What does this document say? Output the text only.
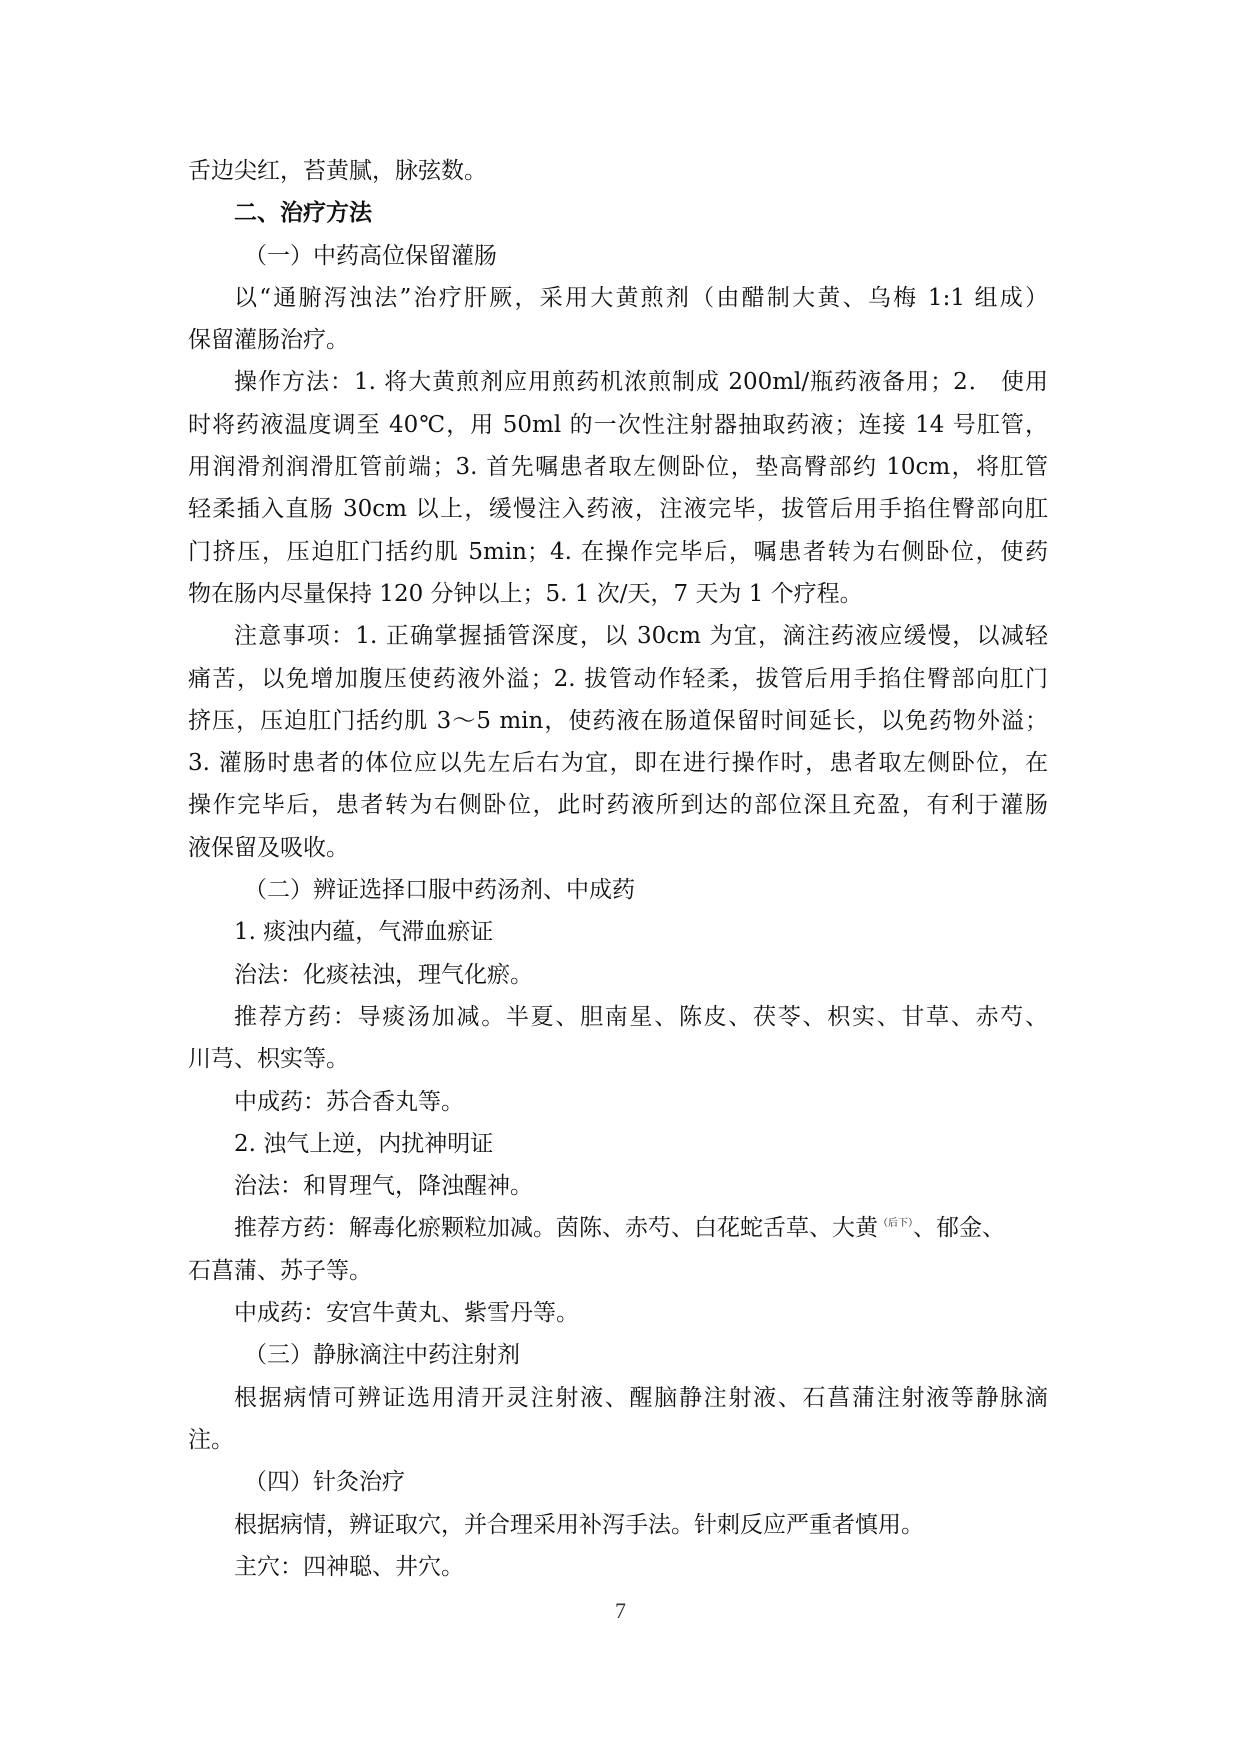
舌边尖红，苔黄腻，脉弦数。
二、治疗方法
（一）中药高位保留灌肠
以“通腑泻浊法”治疗肝厥，采用大黄煎剂（由醋制大黄、乌梅 1:1 组成）
保留灌肠治疗。
操作方法：1. 将大黄煎剂应用煎药机浓煎制成 200ml/瓶药液备用；2． 使用
时将药液温度调至 40℃，用 50ml 的一次性注射器抽取药液；连接 14 号肛管，
用润滑剂润滑肛管前端；3. 首先嘱患者取左侧卧位，垫高臀部约 10cm，将肛管
轻柔插入直肠 30cm 以上，缓慢注入药液，注液完毕，拔管后用手掐住臀部向肛
门挤压，压迫肛门括约肌 5min；4. 在操作完毕后，嘱患者转为右侧卧位，使药
物在肠内尽量保持 120 分钟以上；5. 1 次/天，7 天为 1 个疗程。
注意事项：1. 正确掌握插管深度，以 30cm 为宜，滴注药液应缓慢，以减轻
痛苦，以免增加腹压使药液外溢；2. 拔管动作轻柔，拔管后用手掐住臀部向肛门
挤压，压迫肛门括约肌 3～5 min，使药液在肠道保留时间延长，以免药物外溢；
3. 灌肠时患者的体位应以先左后右为宜，即在进行操作时，患者取左侧卧位，在
操作完毕后，患者转为右侧卧位，此时药液所到达的部位深且充盈，有利于灌肠
液保留及吸收。
（二）辨证选择口服中药汤剂、中成药
1. 痰浊内蕴，气滞血瘀证
治法：化痰祛浊，理气化瘀。
推荐方药：导痰汤加减。半夏、胆南星、陈皮、茯苓、枳实、甘草、赤芍、
川芎、枳实等。
中成药：苏合香丸等。
2. 浊气上逆，内扰神明证
治法：和胃理气，降浊醒神。
推荐方药：解毒化瘀颗粒加减。茵陈、赤芍、白花蛇舌草、大黄$^{(后下)}$、郁金、
石菖蒲、苏子等。
中成药：安宫牛黄丸、紫雪丹等。
（三）静脉滴注中药注射剂
根据病情可辨证选用清开灵注射液、醒脑静注射液、石菖蒲注射液等静脉滴
注。
（四）针灸治疗
根据病情，辨证取穴，并合理采用补泻手法。针刺反应严重者慎用。
主穴：四神聪、井穴。
7
